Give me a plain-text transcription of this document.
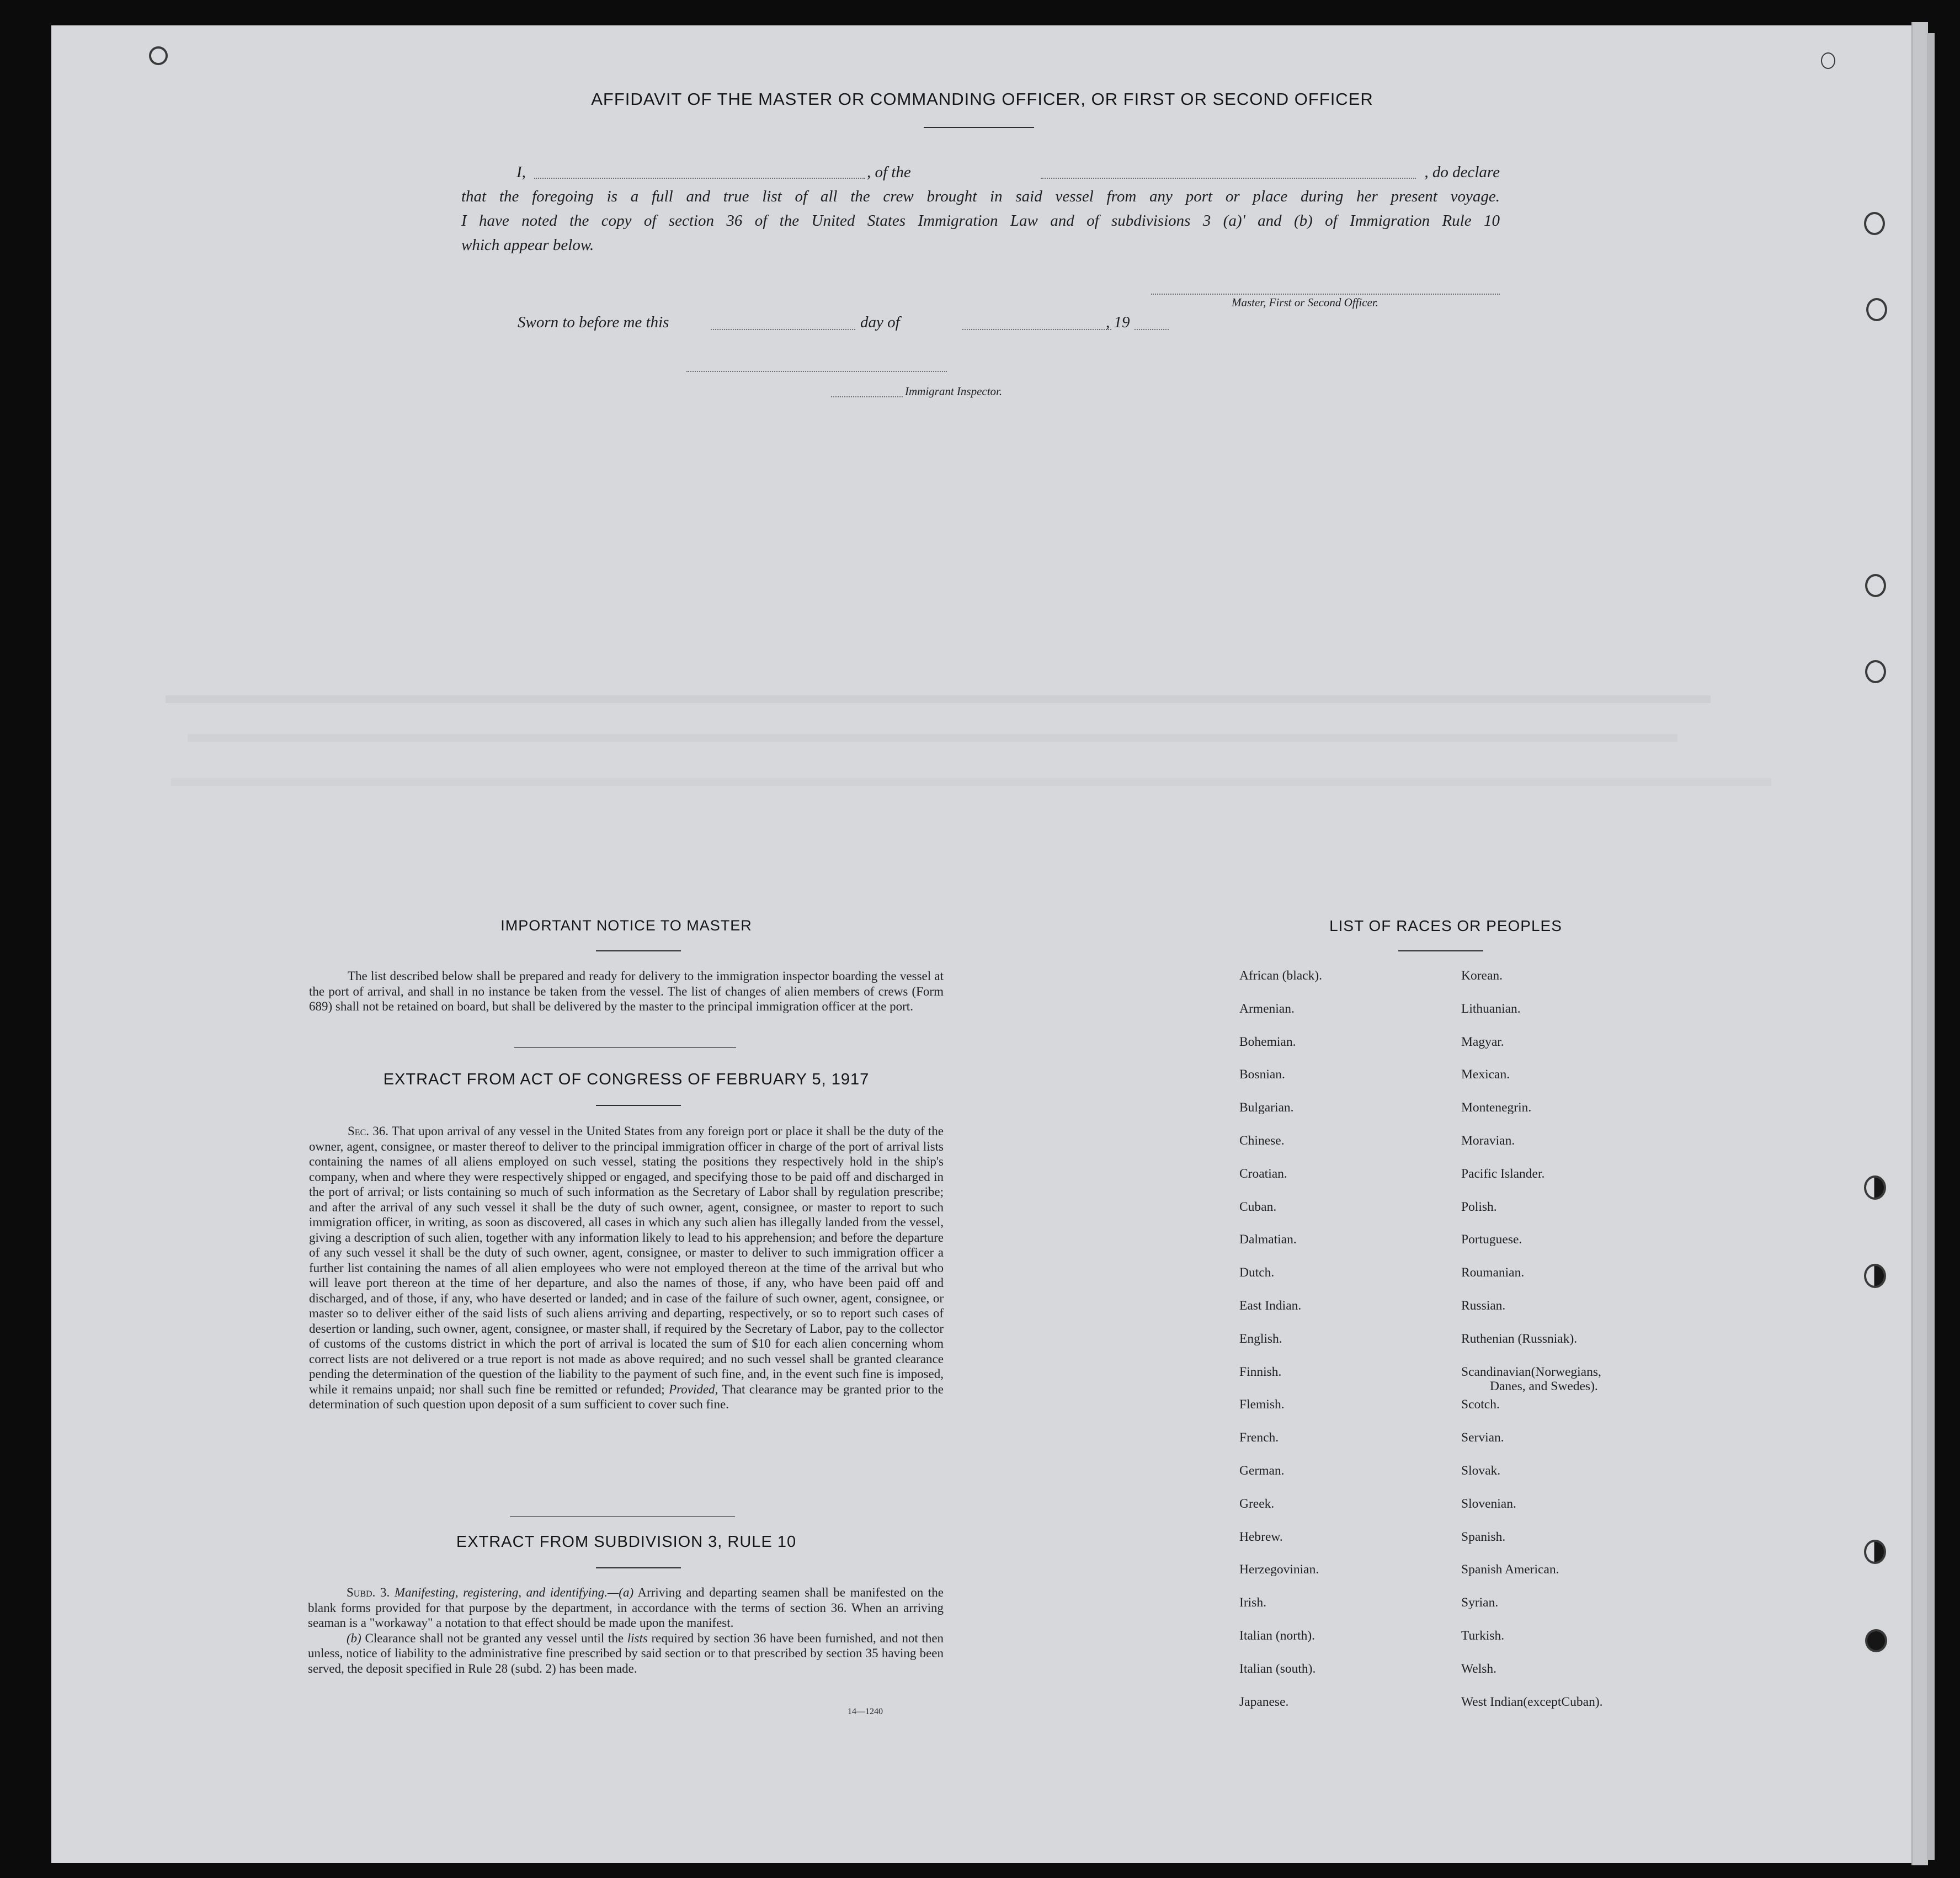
AFFIDAVIT OF THE MASTER OR COMMANDING OFFICER, OR FIRST OR SECOND OFFICER
I,	, of the	, do declare
that the foregoing is a full and true list of all the crew brought in said vessel from any port or place during her present voyage.
I have noted the copy of section 36 of the United States Immigration Law and of subdivisions 3 (a)' and (b) of Immigration Rule 10
which appear below.
Master, First or Second Officer.
Sworn to before me this	day of	, 19
Immigrant Inspector.
IMPORTANT NOTICE TO MASTER

The list described below shall be prepared and ready for delivery to the immigration inspector boarding the vessel at the port of arrival, and shall in no instance be taken from the vessel. The list of changes of alien members of crews (Form 689) shall not be retained on board, but shall be delivered by the master to the principal immigration officer at the port.

EXTRACT FROM ACT OF CONGRESS OF FEBRUARY 5, 1917

Sec. 36. That upon arrival of any vessel in the United States from any foreign port or place it shall be the duty of the owner, agent, consignee, or master thereof to deliver to the principal immigration officer in charge of the port of arrival lists containing the names of all aliens employed on such vessel, stating the positions they respectively hold in the ship's company, when and where they were respectively shipped or engaged, and specifying those to be paid off and discharged in the port of arrival; or lists containing so much of such information as the Secretary of Labor shall by regulation prescribe; and after the arrival of any such vessel it shall be the duty of such owner, agent, consignee, or master to report to such immigration officer, in writing, as soon as discovered, all cases in which any such alien has illegally landed from the vessel, giving a description of such alien, together with any information likely to lead to his apprehension; and before the departure of any such vessel it shall be the duty of such owner, agent, consignee, or master to deliver to such immigration officer a further list containing the names of all alien employees who were not employed thereon at the time of the arrival but who will leave port thereon at the time of her departure, and also the names of those, if any, who have been paid off and discharged, and of those, if any, who have deserted or landed; and in case of the failure of such owner, agent, consignee, or master so to deliver either of the said lists of such aliens arriving and departing, respectively, or so to report such cases of desertion or landing, such owner, agent, consignee, or master shall, if required by the Secretary of Labor, pay to the collector of customs of the customs district in which the port of arrival is located the sum of $10 for each alien concerning whom correct lists are not delivered or a true report is not made as above required; and no such vessel shall be granted clearance pending the determination of the question of the liability to the payment of such fine, and, in the event such fine is imposed, while it remains unpaid; nor shall such fine be remitted or refunded; Provided, That clearance may be granted prior to the determination of such question upon deposit of a sum sufficient to cover such fine.

EXTRACT FROM SUBDIVISION 3, RULE 10

Subd. 3. Manifesting, registering, and identifying.—(a) Arriving and departing seamen shall be manifested on the blank forms provided for that purpose by the department, in accordance with the terms of section 36. When an arriving seaman is a "workaway" a notation to that effect should be made upon the manifest.

(b) Clearance shall not be granted any vessel until the lists required by section 36 have been furnished, and not then unless, notice of liability to the administrative fine prescribed by said section or to that prescribed by section 35 having been served, the deposit specified in Rule 28 (subd. 2) has been made.

14—1240
LIST OF RACES OR PEOPLES
African (black).
Armenian.
Bohemian.
Bosnian.
Bulgarian.
Chinese.
Croatian.
Cuban.
Dalmatian.
Dutch.
East Indian.
English.
Finnish.
Flemish.
French.
German.
Greek.
Hebrew.
Herzegovinian.
Irish.
Italian (north).
Italian (south).
Japanese.
Korean.
Lithuanian.
Magyar.
Mexican.
Montenegrin.
Moravian.
Pacific Islander.
Polish.
Portuguese.
Roumanian.
Russian.
Ruthenian (Russniak).
Scandinavian(Norwegians,
Danes, and Swedes).
Scotch.
Servian.
Slovak.
Slovenian.
Spanish.
Spanish American.
Syrian.
Turkish.
Welsh.
West Indian(exceptCuban).
